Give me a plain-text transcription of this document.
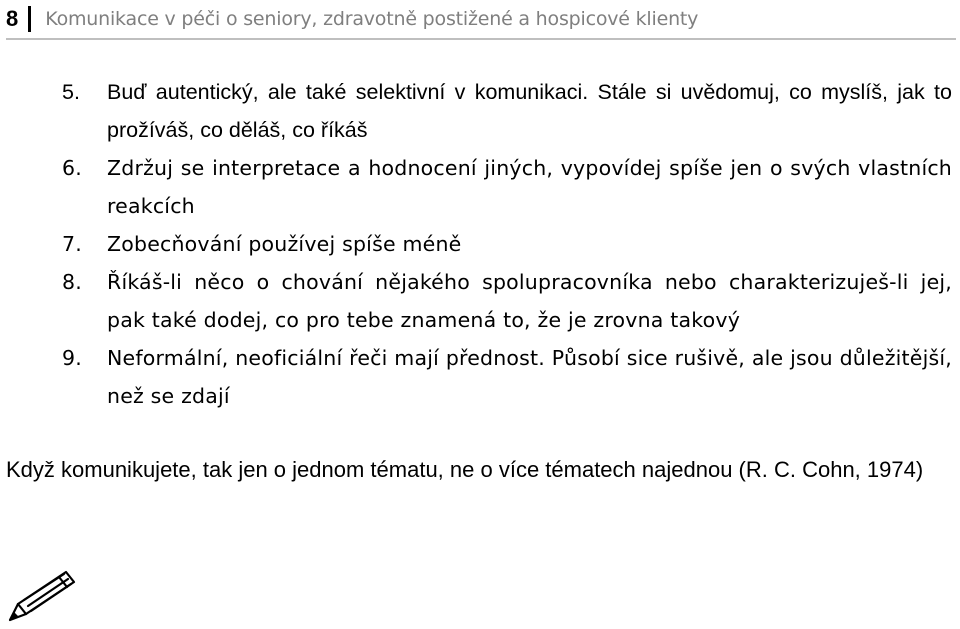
8	Komunikace v péči o seniory, zdravotně postižené a hospicové klienty
5. Buď autentický, ale také selektivní v komunikaci. Stále si uvědomuj, co myslíš, jak to prožíváš, co děláš, co říkáš
6. Zdržuj se interpretace a hodnocení jiných, vypovídej spíše jen o svých vlastních reakcích
7. Zobecňování používej spíše méně
8. Říkáš-li něco o chování nějakého spolupracovníka nebo charakterizuješ-li jej, pak také dodej, co pro tebe znamená to, že je zrovna takový
9. Neformální, neoficiální řeči mají přednost. Působí sice rušivě, ale jsou důležitější, než se zdají

Když komunikujete, tak jen o jednom tématu, ne o více tématech najednou (R. C. Cohn, 1974)
